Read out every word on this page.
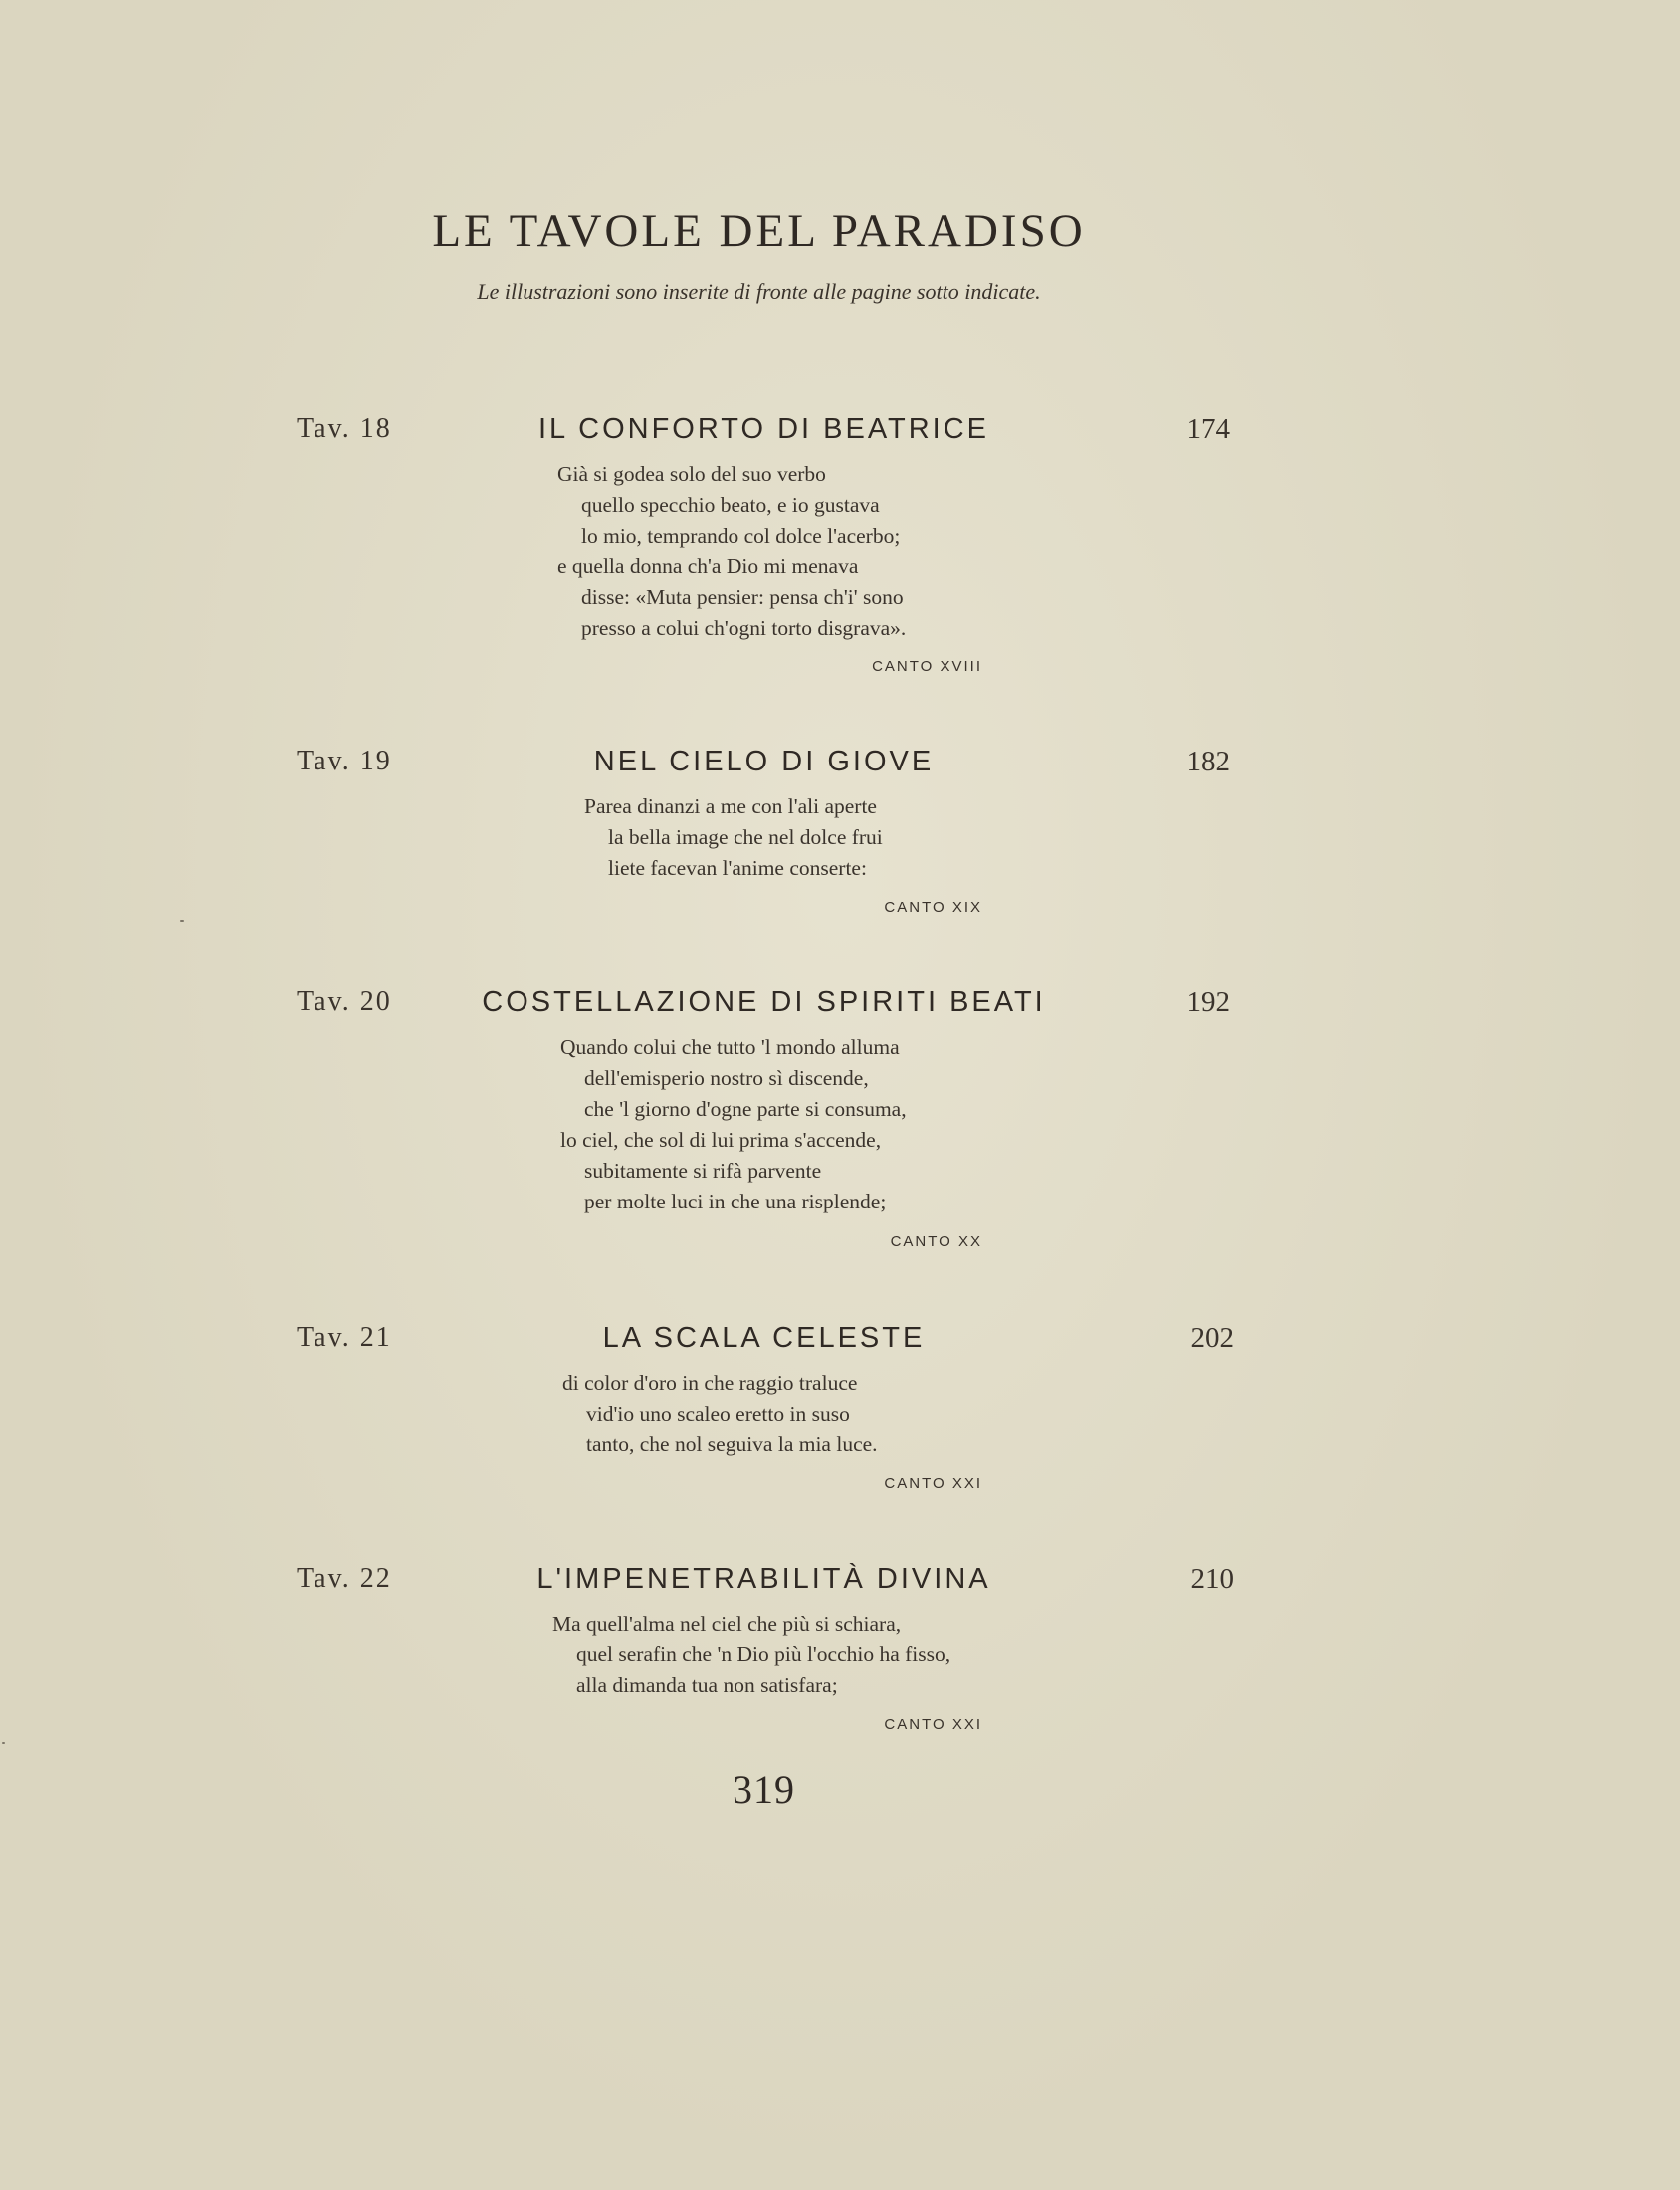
LE TAVOLE DEL PARADISO
Le illustrazioni sono inserite di fronte alle pagine sotto indicate.
Tav. 18	IL CONFORTO DI BEATRICE	174
Già si godea solo del suo verbo
quello specchio beato, e io gustava
lo mio, temprando col dolce l'acerbo;
e quella donna ch'a Dio mi menava
disse: «Muta pensier: pensa ch'i' sono
presso a colui ch'ogni torto disgrava».
CANTO XVIII
Tav. 19	NEL CIELO DI GIOVE	182
Parea dinanzi a me con l'ali aperte
la bella image che nel dolce frui
liete facevan l'anime conserte:
CANTO XIX
Tav. 20	COSTELLAZIONE DI SPIRITI BEATI	192
Quando colui che tutto 'l mondo alluma
dell'emisperio nostro sì discende,
che 'l giorno d'ogne parte si consuma,
lo ciel, che sol di lui prima s'accende,
subitamente si rifà parvente
per molte luci in che una risplende;
CANTO XX
Tav. 21	LA SCALA CELESTE	202
di color d'oro in che raggio traluce
vid'io uno scaleo eretto in suso
tanto, che nol seguiva la mia luce.
CANTO XXI
Tav. 22	L'IMPENETRABILITÀ DIVINA	210
Ma quell'alma nel ciel che più si schiara,
quel serafin che 'n Dio più l'occhio ha fisso,
alla dimanda tua non satisfara;
CANTO XXI
319
